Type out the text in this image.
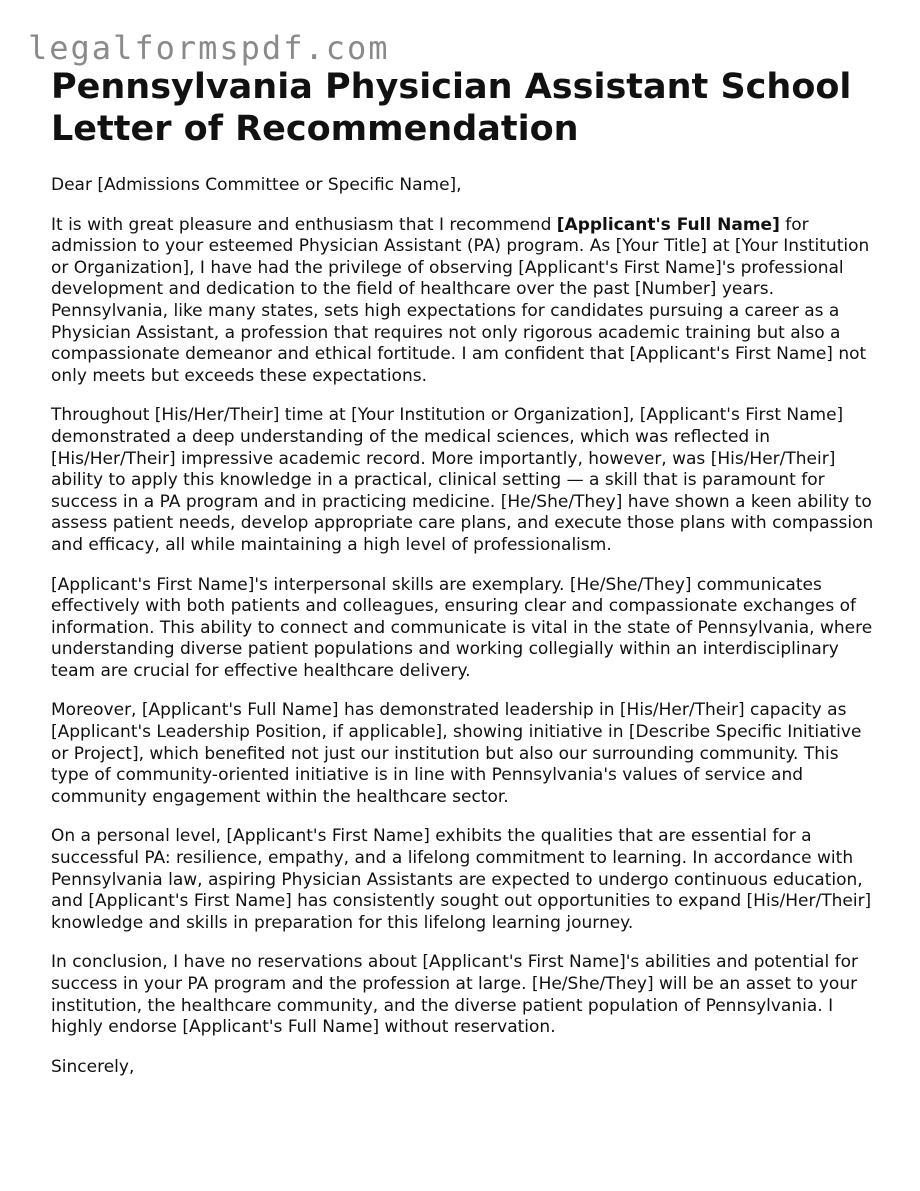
legalformspdf.com
Pennsylvania Physician Assistant School Letter of Recommendation

Dear [Admissions Committee or Specific Name],

It is with great pleasure and enthusiasm that I recommend [Applicant's Full Name] for admission to your esteemed Physician Assistant (PA) program. As [Your Title] at [Your Institution or Organization], I have had the privilege of observing [Applicant's First Name]'s professional development and dedication to the field of healthcare over the past [Number] years. Pennsylvania, like many states, sets high expectations for candidates pursuing a career as a Physician Assistant, a profession that requires not only rigorous academic training but also a compassionate demeanor and ethical fortitude. I am confident that [Applicant's First Name] not only meets but exceeds these expectations.

Throughout [His/Her/Their] time at [Your Institution or Organization], [Applicant's First Name] demonstrated a deep understanding of the medical sciences, which was reflected in [His/Her/Their] impressive academic record. More importantly, however, was [His/Her/Their] ability to apply this knowledge in a practical, clinical setting — a skill that is paramount for success in a PA program and in practicing medicine. [He/She/They] have shown a keen ability to assess patient needs, develop appropriate care plans, and execute those plans with compassion and efficacy, all while maintaining a high level of professionalism.

[Applicant's First Name]'s interpersonal skills are exemplary. [He/She/They] communicates effectively with both patients and colleagues, ensuring clear and compassionate exchanges of information. This ability to connect and communicate is vital in the state of Pennsylvania, where understanding diverse patient populations and working collegially within an interdisciplinary team are crucial for effective healthcare delivery.

Moreover, [Applicant's Full Name] has demonstrated leadership in [His/Her/Their] capacity as [Applicant's Leadership Position, if applicable], showing initiative in [Describe Specific Initiative or Project], which benefited not just our institution but also our surrounding community. This type of community-oriented initiative is in line with Pennsylvania's values of service and community engagement within the healthcare sector.

On a personal level, [Applicant's First Name] exhibits the qualities that are essential for a successful PA: resilience, empathy, and a lifelong commitment to learning. In accordance with Pennsylvania law, aspiring Physician Assistants are expected to undergo continuous education, and [Applicant's First Name] has consistently sought out opportunities to expand [His/Her/Their] knowledge and skills in preparation for this lifelong learning journey.

In conclusion, I have no reservations about [Applicant's First Name]'s abilities and potential for success in your PA program and the profession at large. [He/She/They] will be an asset to your institution, the healthcare community, and the diverse patient population of Pennsylvania. I highly endorse [Applicant's Full Name] without reservation.

Sincerely,
